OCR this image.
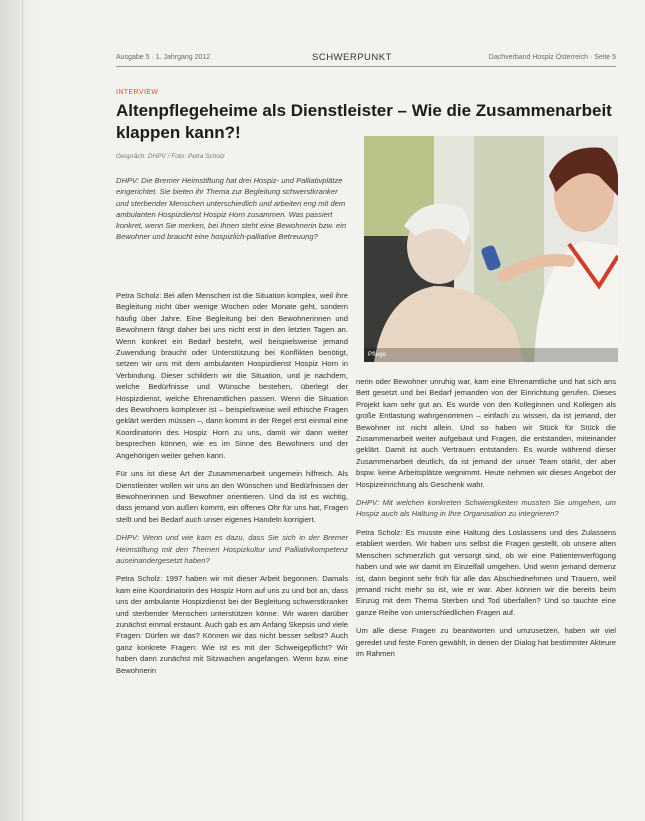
Ausgabe 5 · 1. Jahrgang 2012	SCHWERPUNKT	Dachverband Hospiz Österreich · Seite 5
INTERVIEW
Altenpflegeheime als Dienstleister – Wie die Zusammenarbeit klappen kann?!
Gespräch: DHPV / Foto: Petra Scholz
DHPV: Die Bremer Heimstiftung hat drei Hospiz- und Palliativplätze eingerichtet. Sie bieten ihr Thema zur Begleitung schwerstkranker und sterbender Menschen unterschiedlich und arbeiten eng mit dem ambulanten Hospizdienst Hospiz Horn zusammen. Was passiert konkret, wenn Sie merken, bei Ihnen steht eine Bewohnerin bzw. ein Bewohner und braucht eine hospizlich-palliative Betreuung?

Petra Scholz: Bei allen Menschen ist die Situation komplex, weil ihre Begleitung nicht über wenige Wochen oder Monate geht, sondern häufig über Jahre. Eine Begleitung bei den Bewohnerinnen und Bewohnern fängt daher bei uns nicht erst in den letzten Tagen an. Wenn konkret ein Bedarf besteht, weil beispielsweise jemand Zuwendung braucht oder Unterstützung bei Konflikten benötigt, setzen wir uns mit dem ambulanten Hospizdienst Hospiz Horn in Verbindung. Dieser schildern wir die Situation, und je nachdem, welche Bedürfnisse und Wünsche bestehen, überlegt der Hospizdienst, welche Ehrenamtlichen passen. Wenn die Situation des Bewohners komplexer ist – beispielsweise weil ethische Fragen geklärt werden müssen –, dann kommt in der Regel erst einmal eine Koordinatorin des Hospiz Horn zu uns, damit wir dann weiter besprechen können, wie es im Sinne des Bewohners und der Angehörigen weiter gehen kann.

Für uns ist diese Art der Zusammenarbeit ungemein hilfreich. Als Dienstleister wollen wir uns an den Wünschen und Bedürfnissen der Bewohnerinnen und Bewohner orientieren. Und da ist es wichtig, dass jemand von außen kommt, ein offenes Ohr für uns hat, Fragen stellt und bei Bedarf auch unser eigenes Handeln korrigiert.

DHPV: Wenn und wie kam es dazu, dass Sie sich in der Bremer Heimstiftung mit den Themen Hospizkultur und Palliativkompetenz auseinandergesetzt haben?

Petra Scholz: 1997 haben wir mit dieser Arbeit begonnen. Damals kam eine Koordinatorin des Hospiz Horn auf uns zu und bot an, dass uns der ambulante Hospizdienst bei der Begleitung schwerstkranker und sterbender Menschen unterstützen könne. Wir waren darüber zunächst einmal erstaunt. Auch gab es am Anfang Skepsis und viele Fragen: Dürfen wir das? Können wir das nicht besser selbst? Auch ganz konkrete Fragen: Wie ist es mit der Schweigepflicht? Wir haben dann zunächst mit Sitzwachen angefangen. Wenn bzw. eine Bewohnerin

Pflege

nerin oder Bewohner unruhig war, kam eine Ehrenamtliche und hat sich ans Bett gesetzt und bei Bedarf jemanden von der Einrichtung gerufen. Dieses Projekt kam sehr gut an. Es wurde von den Kolleginnen und Kollegen als große Entlastung wahrgenommen – einfach zu wissen, da ist jemand, der Bewohner ist nicht allein. Und so haben wir Stück für Stück die Zusammenarbeit weiter aufgebaut und Fragen, die entstanden, miteinander geklärt. Damit ist auch Vertrauen entstanden. Es wurde während dieser Zusammenarbeit deutlich, da ist jemand der unser Team stärkt, der aber bspw. keine Arbeitsplätze wegnimmt. Heute nehmen wir dieses Angebot der Hospizeinrichtung als Geschenk wahr.

DHPV: Mit welchen konkreten Schwierigkeiten mussten Sie umgehen, um Hospiz auch als Haltung in Ihre Organisation zu integrieren?

Petra Scholz: Es musste eine Haltung des Loslassens und des Zulassens etabliert werden. Wir haben uns selbst die Fragen gestellt, ob unsere alten Menschen schmerzlich gut versorgt sind, ob wir eine Patientenverfügung haben und wie wir damit im Einzelfall umgehen. Und wenn jemand demenz ist, dann beginnt sehr früh für alle das Abschiednehmen und Trauern, weil jemand nicht mehr so ist, wie er war. Aber können wir die bereits beim Einzug mit dem Thema Sterben und Tod überfallen? Und so tauchte eine ganze Reihe von unterschiedlichen Fragen auf.

Um alle diese Fragen zu beantworten und umzusetzen, haben wir viel geredet und feste Foren gewählt, in denen der Dialog hat bestimmter Akteure im Rahmen
